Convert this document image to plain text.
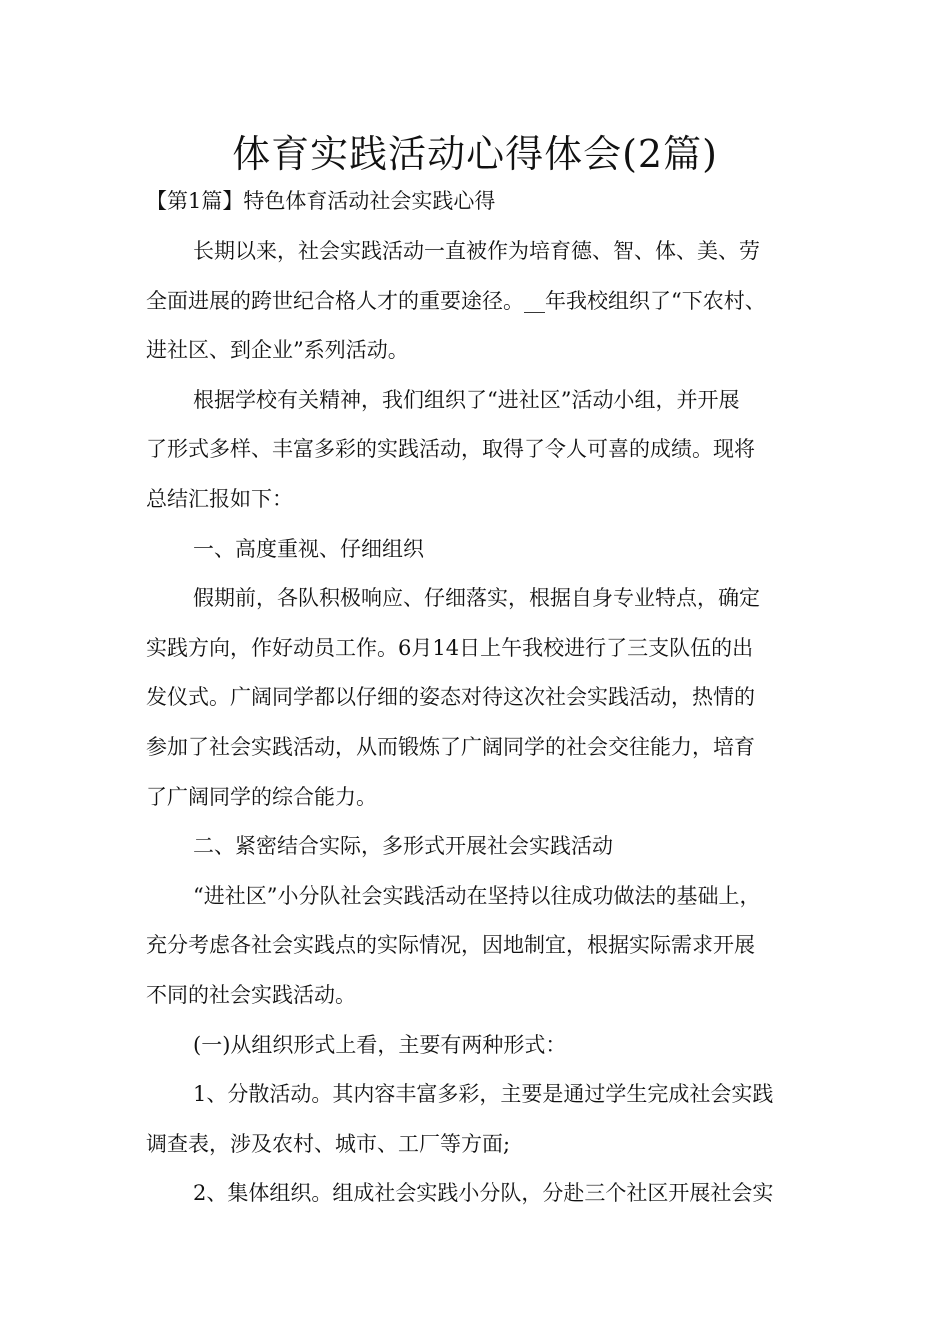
体育实践活动心得体会(2篇)
【第1篇】特色体育活动社会实践心得
长期以来，社会实践活动一直被作为培育德、智、体、美、劳
全面进展的跨世纪合格人才的重要途径。__年我校组织了“下农村、
进社区、到企业”系列活动。
根据学校有关精神，我们组织了“进社区”活动小组，并开展
了形式多样、丰富多彩的实践活动，取得了令人可喜的成绩。现将
总结汇报如下：
一、高度重视、仔细组织
假期前，各队积极响应、仔细落实，根据自身专业特点，确定
实践方向，作好动员工作。6月14日上午我校进行了三支队伍的出
发仪式。广阔同学都以仔细的姿态对待这次社会实践活动，热情的
参加了社会实践活动，从而锻炼了广阔同学的社会交往能力，培育
了广阔同学的综合能力。
二、紧密结合实际，多形式开展社会实践活动
“进社区”小分队社会实践活动在坚持以往成功做法的基础上，
充分考虑各社会实践点的实际情况，因地制宜，根据实际需求开展
不同的社会实践活动。
(一)从组织形式上看，主要有两种形式：
1、分散活动。其内容丰富多彩，主要是通过学生完成社会实践
调查表，涉及农村、城市、工厂等方面;
2、集体组织。组成社会实践小分队，分赴三个社区开展社会实
